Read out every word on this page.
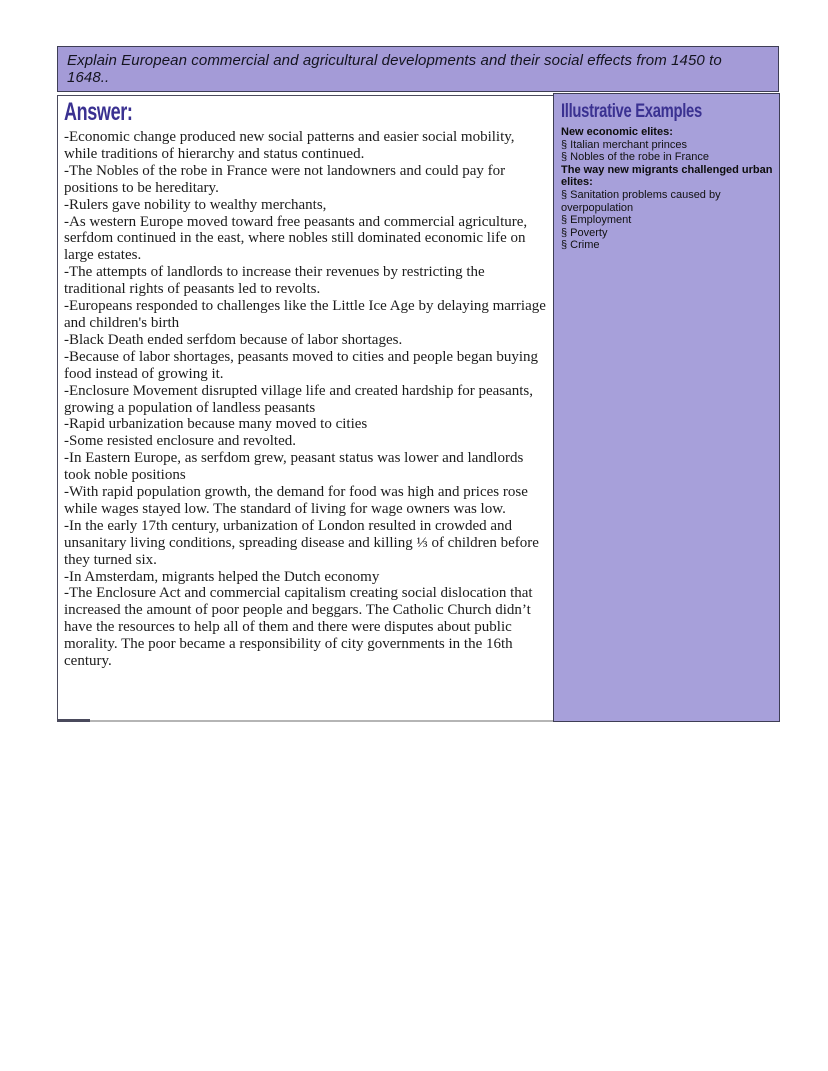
Explain European commercial and agricultural developments and their social effects from 1450 to 1648..
Answer:

-Economic change produced new social patterns and easier social mobility, while traditions of hierarchy and status continued.

-The Nobles of the robe in France were not landowners and could pay for positions to be hereditary.

-Rulers gave nobility to wealthy merchants,

-As western Europe moved toward free peasants and commercial agriculture, serfdom continued in the east, where nobles still dominated economic life on large estates.

-The attempts of landlords to increase their revenues by restricting the traditional rights of peasants led to revolts.

-Europeans responded to challenges like the Little Ice Age by delaying marriage and children's birth

-Black Death ended serfdom because of labor shortages.

-Because of labor shortages, peasants moved to cities and people began buying food instead of growing it.

-Enclosure Movement disrupted village life and created hardship for peasants, growing a population of landless peasants

-Rapid urbanization because many moved to cities

-Some resisted enclosure and revolted.

-In Eastern Europe, as serfdom grew, peasant status was lower and landlords took noble positions

-With rapid population growth, the demand for food was high and prices rose while wages stayed low. The standard of living for wage owners was low.

-In the early 17th century, urbanization of London resulted in crowded and unsanitary living conditions, spreading disease and killing ⅓ of children before they turned six.

-In Amsterdam, migrants helped the Dutch economy

-The Enclosure Act and commercial capitalism creating social dislocation that increased the amount of poor people and beggars. The Catholic Church didn’t have the resources to help all of them and there were disputes about public morality. The poor became a responsibility of city governments in the 16th century.

Illustrative Examples
New economic elites:
§ Italian merchant princes
§ Nobles of the robe in France
The way new migrants challenged urban elites:
§ Sanitation problems caused by overpopulation
§ Employment
§ Poverty
§ Crime
